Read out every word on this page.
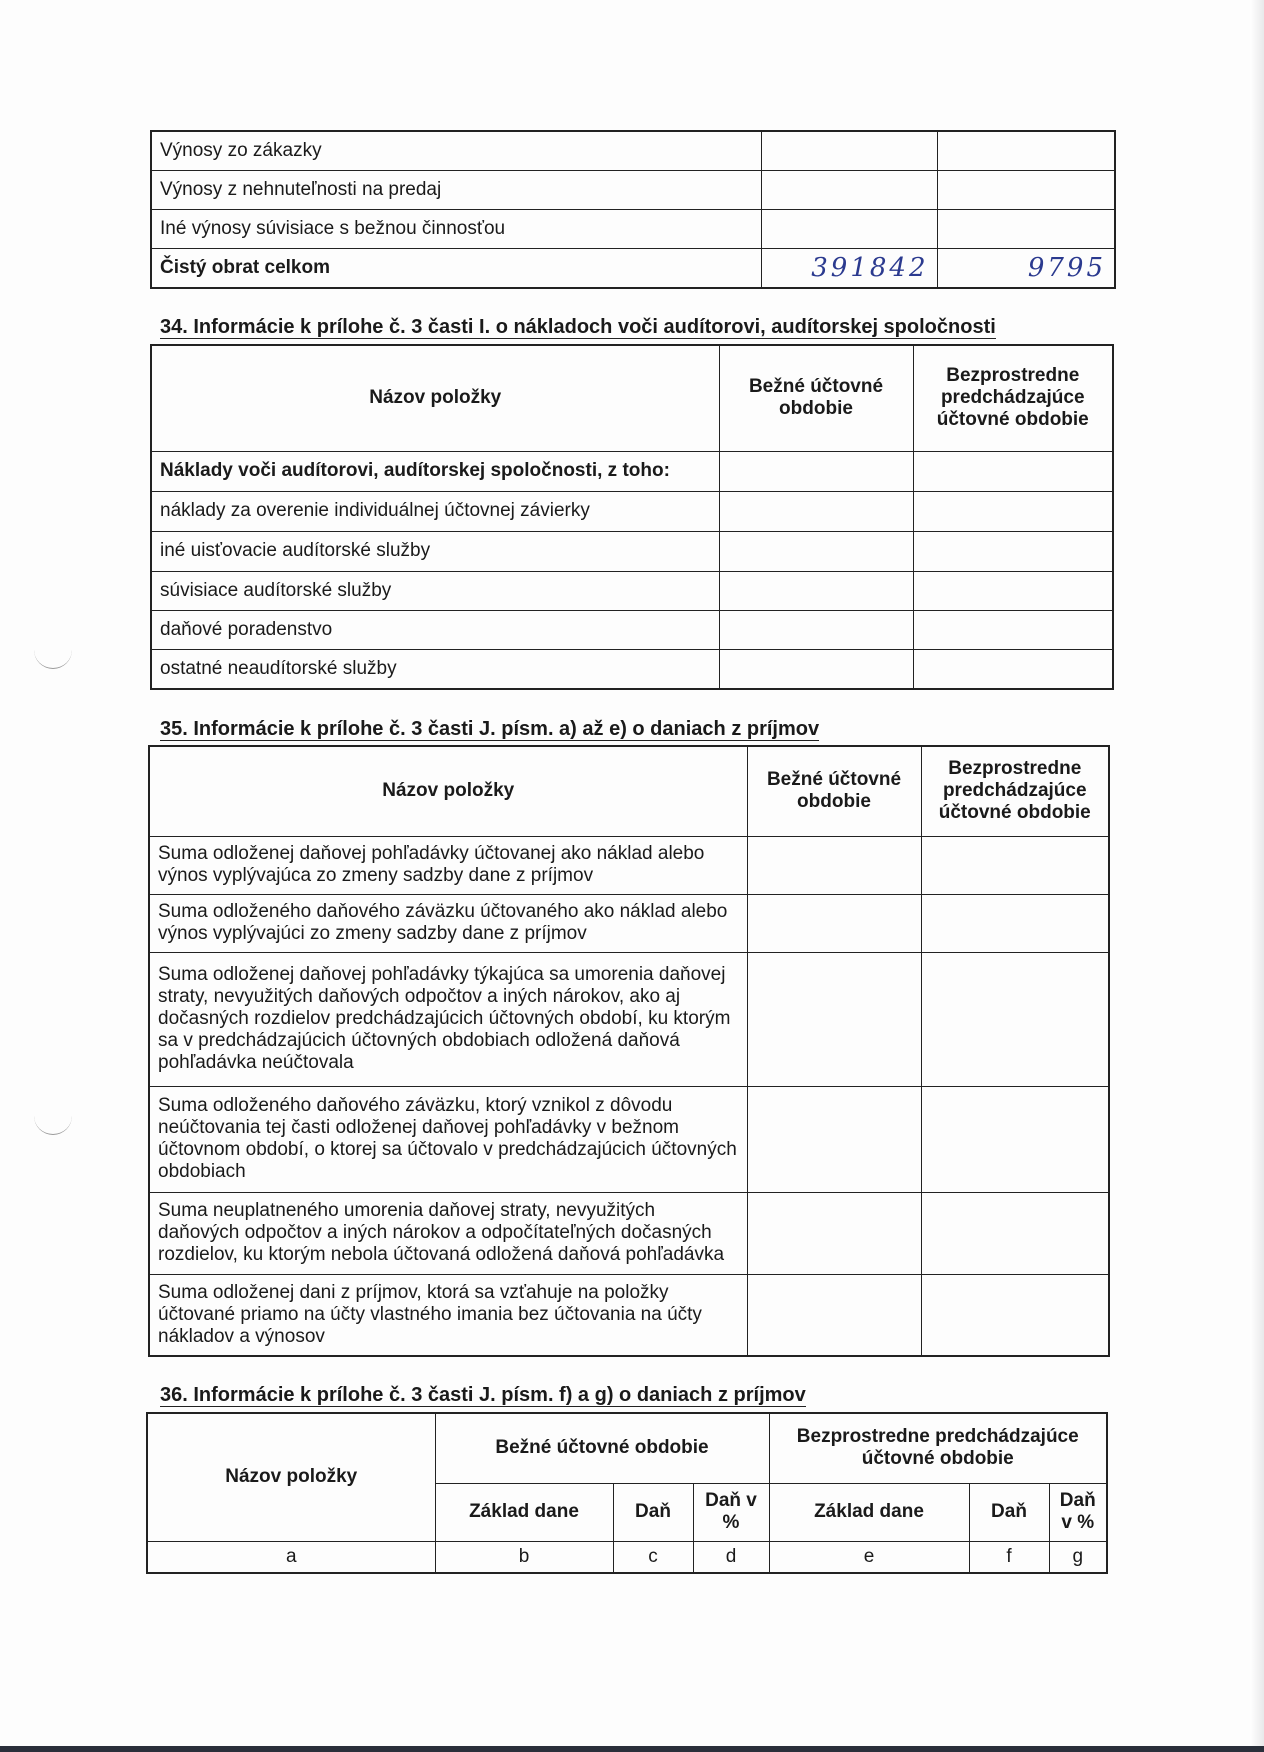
Výnosy zo zákazky		
Výnosy z nehnuteľnosti na predaj		
Iné výnosy súvisiace s bežnou činnosťou		
Čistý obrat celkom	391842	9795
34. Informácie k prílohe č. 3 časti I. o nákladoch voči audítorovi, audítorskej spoločnosti
Názov položky	Bežné účtovné obdobie	Bezprostredne predchádzajúce účtovné obdobie
Náklady voči audítorovi, audítorskej spoločnosti, z toho:		
náklady za overenie individuálnej účtovnej závierky		
iné uisťovacie audítorské služby		
súvisiace audítorské služby		
daňové poradenstvo		
ostatné neaudítorské služby		
35. Informácie k prílohe č. 3 časti J. písm. a) až e) o daniach z príjmov
Názov položky	Bežné účtovné obdobie	Bezprostredne predchádzajúce účtovné obdobie
Suma odloženej daňovej pohľadávky účtovanej ako náklad alebo výnos vyplývajúca zo zmeny sadzby dane z príjmov		
Suma odloženého daňového záväzku účtovaného ako náklad alebo výnos vyplývajúci zo zmeny sadzby dane z príjmov		
Suma odloženej daňovej pohľadávky týkajúca sa umorenia daňovej straty, nevyužitých daňových odpočtov a iných nárokov, ako aj dočasných rozdielov predchádzajúcich účtovných období, ku ktorým sa v predchádzajúcich účtovných obdobiach odložená daňová pohľadávka neúčtovala		
Suma odloženého daňového záväzku, ktorý vznikol z dôvodu neúčtovania tej časti odloženej daňovej pohľadávky v bežnom účtovnom období, o ktorej sa účtovalo v predchádzajúcich účtovných obdobiach		
Suma neuplatneného umorenia daňovej straty, nevyužitých daňových odpočtov a iných nárokov a odpočítateľných dočasných rozdielov, ku ktorým nebola účtovaná odložená daňová pohľadávka		
Suma odloženej dani z príjmov, ktorá sa vzťahuje na položky účtované priamo na účty vlastného imania bez účtovania na účty nákladov a výnosov		
36. Informácie k prílohe č. 3 časti J. písm. f) a g) o daniach z príjmov
Názov položky	Bežné účtovné obdobie			Bezprostredne predchádzajúce účtovné obdobie		
	Základ dane	Daň	Daň v %	Základ dane	Daň	Daň v %
a	b	c	d	e	f	g
